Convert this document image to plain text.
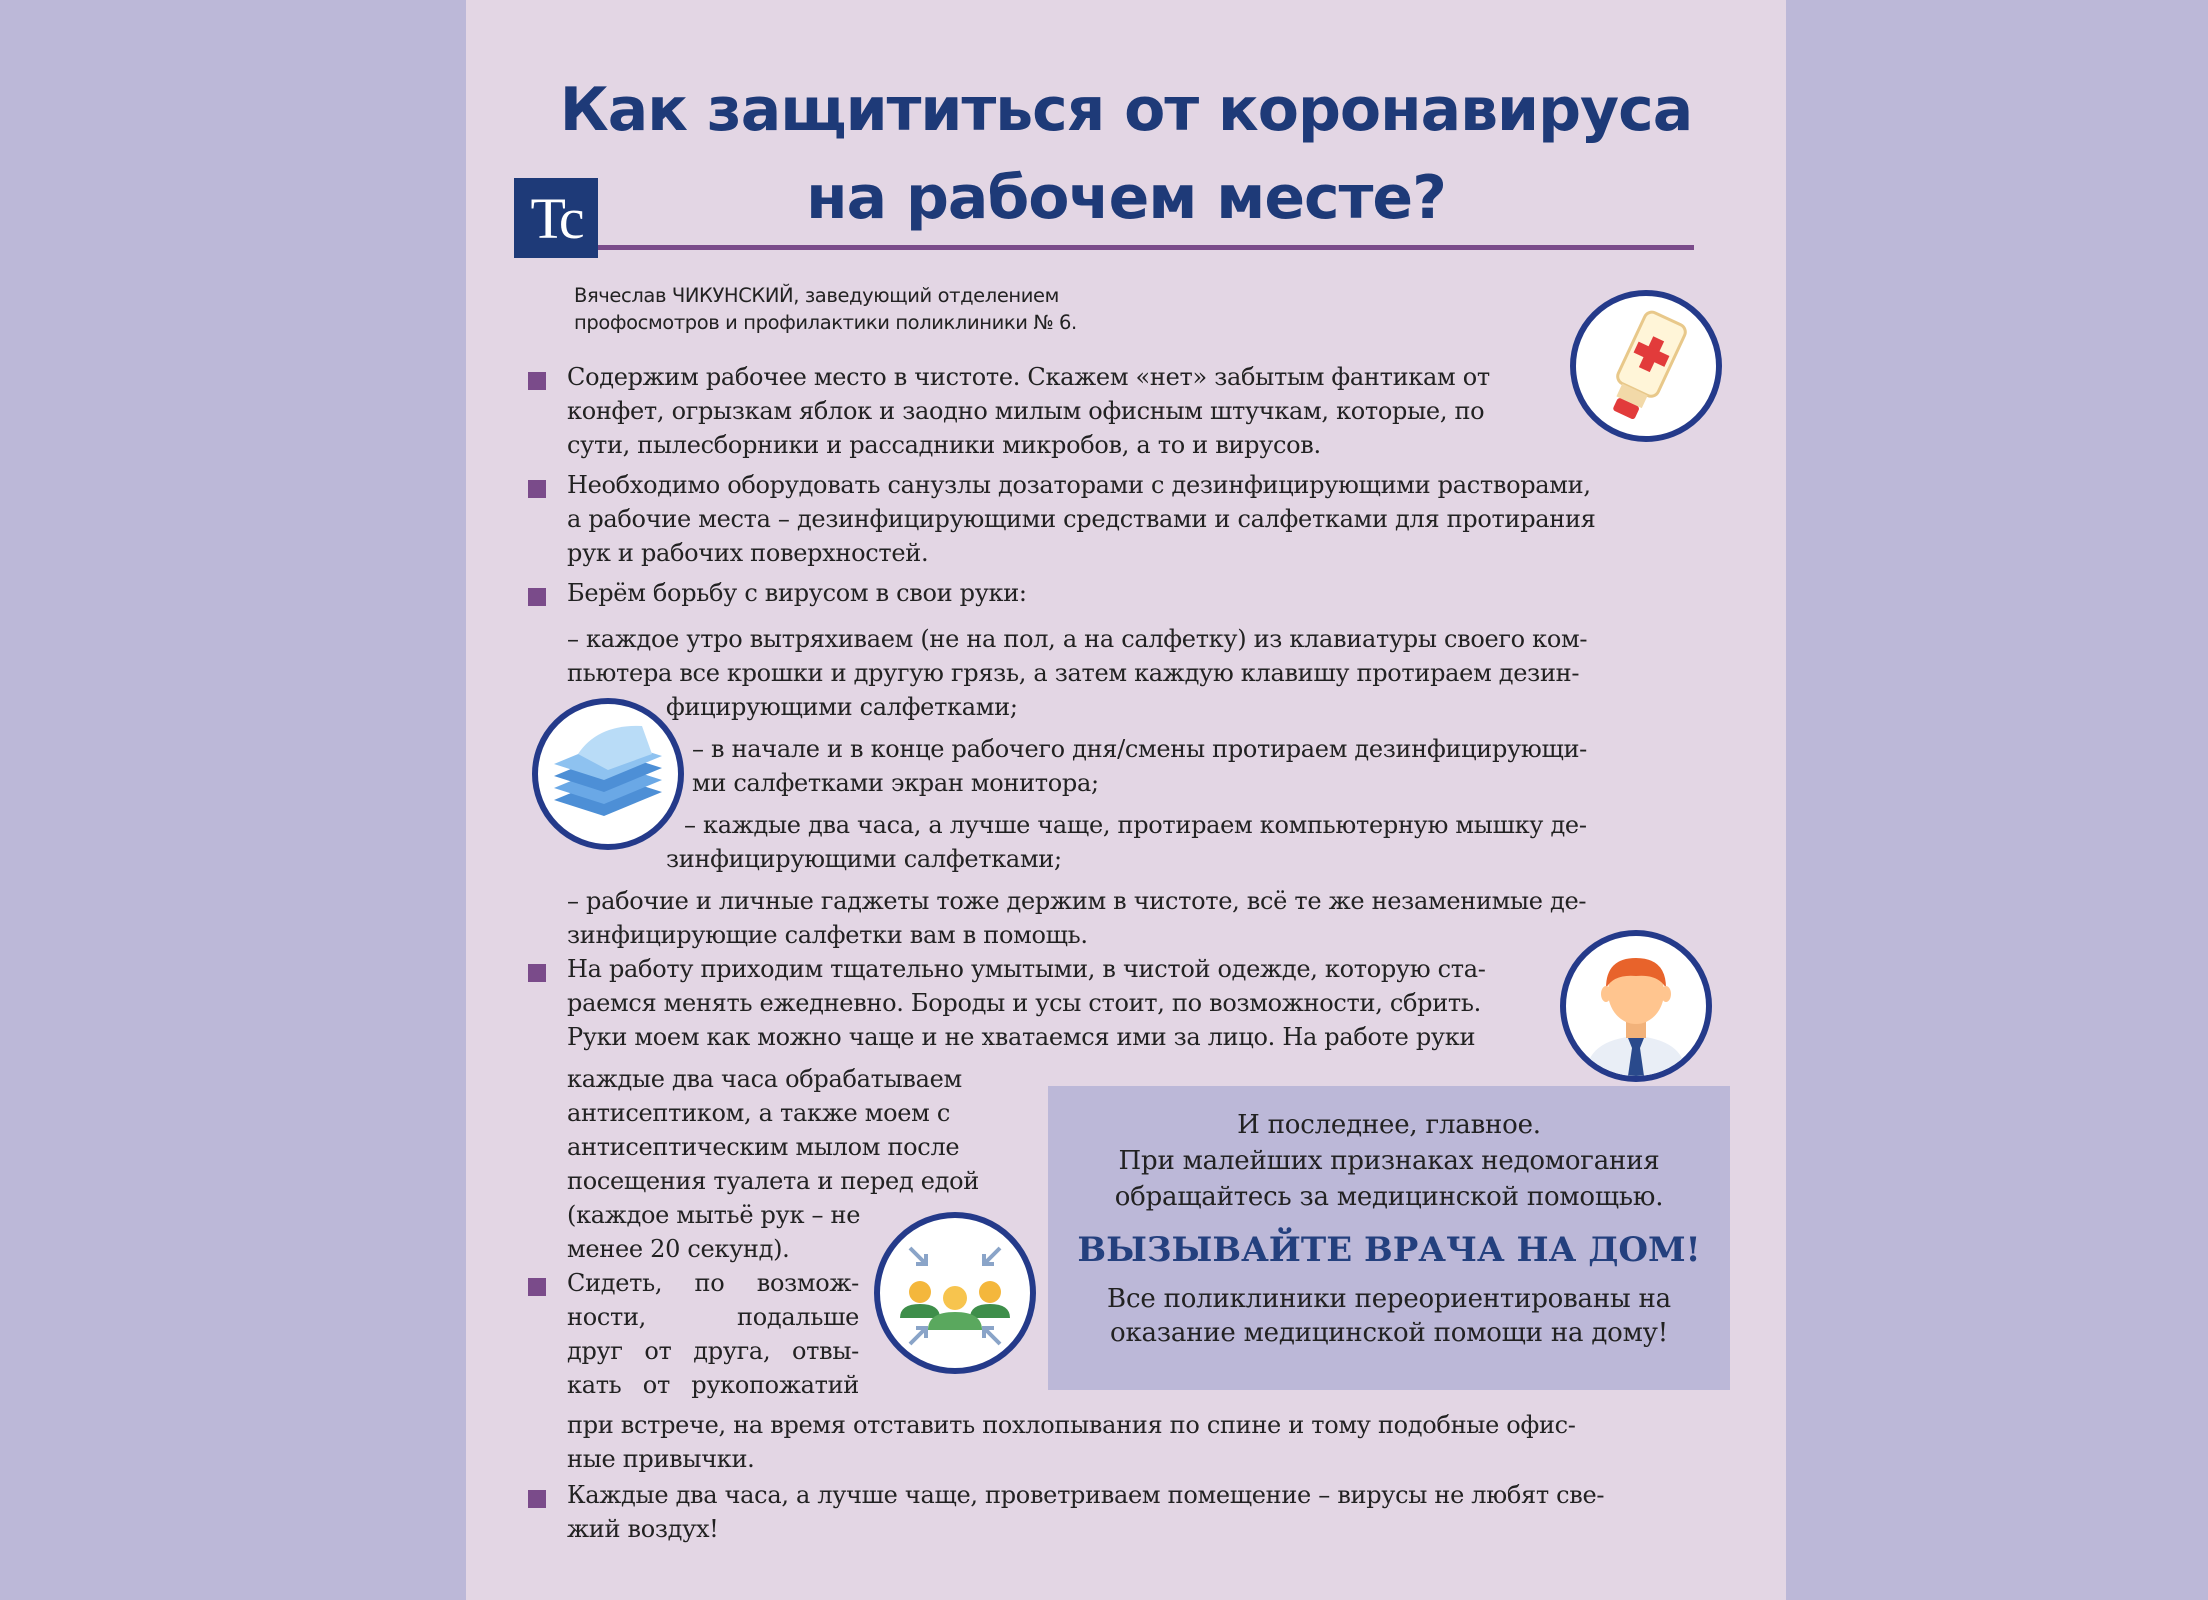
Как защититься от коронавируса
на рабочем месте?
Tc
Вячеслав ЧИКУНСКИЙ, заведующий отделением
профосмотров и профилактики поликлиники № 6.
Содержим рабочее место в чистоте. Скажем «нет» забытым фантикам от
конфет, огрызкам яблок и заодно милым офисным штучкам, которые, по
сути, пылесборники и рассадники микробов, а то и вирусов.
Необходимо оборудовать санузлы дозаторами с дезинфицирующими растворами,
а рабочие места – дезинфицирующими средствами и салфетками для протирания
рук и рабочих поверхностей.
Берём борьбу с вирусом в свои руки:
– каждое утро вытряхиваем (не на пол, а на салфетку) из клавиатуры своего ком-
пьютера все крошки и другую грязь, а затем каждую клавишу протираем дезин-
фицирующими салфетками;
– в начале и в конце рабочего дня/смены протираем дезинфицирующи-
ми салфетками экран монитора;
– каждые два часа, а лучше чаще, протираем компьютерную мышку де-
зинфицирующими салфетками;
– рабочие и личные гаджеты тоже держим в чистоте, всё те же незаменимые де-
зинфицирующие салфетки вам в помощь.
На работу приходим тщательно умытыми, в чистой одежде, которую ста-
раемся менять ежедневно. Бороды и усы стоит, по возможности, сбрить.
Руки моем как можно чаще и не хватаемся ими за лицо. На работе руки
каждые два часа обрабатываем
антисептиком, а также моем с
антисептическим мылом после
посещения туалета и перед едой
(каждое мытьё рук – не
менее 20 секунд).
Сидеть, по возмож-
ности, подальше
друг от друга, отвы-
кать от рукопожатий
при встрече, на время отставить похлопывания по спине и тому подобные офис-
ные привычки.
Каждые два часа, а лучше чаще, проветриваем помещение – вирусы не любят све-
жий воздух!
И последнее, главное.
При малейших признаках недомогания
обращайтесь за медицинской помощью.
ВЫЗЫВАЙТЕ ВРАЧА НА ДОМ!
Все поликлиники переориентированы на
оказание медицинской помощи на дому!
